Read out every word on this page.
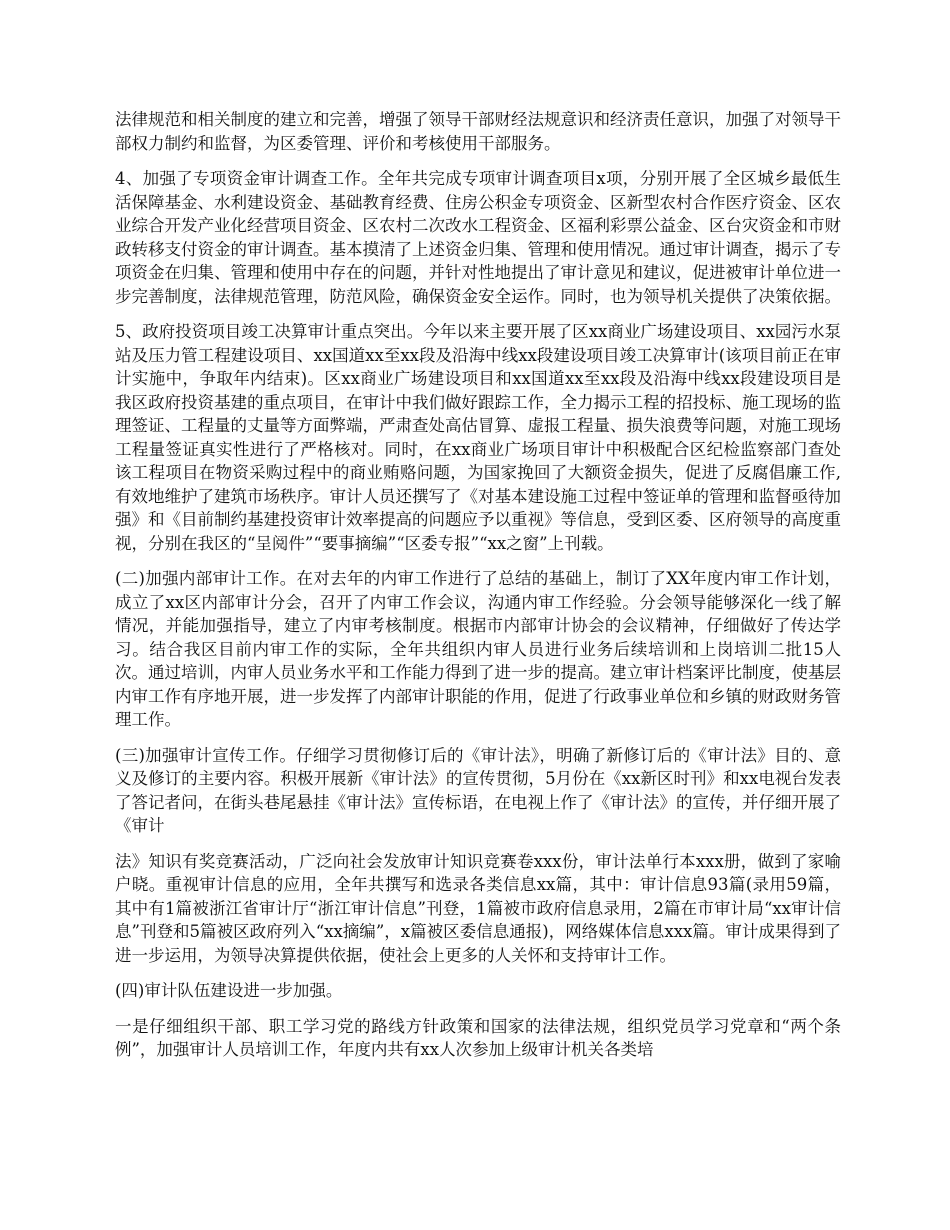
法律规范和相关制度的建立和完善，增强了领导干部财经法规意识和经济责任意识，加强了对领导干部权力制约和监督，为区委管理、评价和考核使用干部服务。

4、加强了专项资金审计调查工作。全年共完成专项审计调查项目x项，分别开展了全区城乡最低生活保障基金、水利建设资金、基础教育经费、住房公积金专项资金、区新型农村合作医疗资金、区农业综合开发产业化经营项目资金、区农村二次改水工程资金、区福利彩票公益金、区台灾资金和市财政转移支付资金的审计调查。基本摸清了上述资金归集、管理和使用情况。通过审计调查，揭示了专项资金在归集、管理和使用中存在的问题，并针对性地提出了审计意见和建议，促进被审计单位进一步完善制度，法律规范管理，防范风险，确保资金安全运作。同时，也为领导机关提供了决策依据。

5、政府投资项目竣工决算审计重点突出。今年以来主要开展了区xx商业广场建设项目、xx园污水泵站及压力管工程建设项目、xx国道xx至xx段及沿海中线xx段建设项目竣工决算审计(该项目前正在审计实施中，争取年内结束)。区xx商业广场建设项目和xx国道xx至xx段及沿海中线xx段建设项目是我区政府投资基建的重点项目，在审计中我们做好跟踪工作，全力揭示工程的招投标、施工现场的监理签证、工程量的丈量等方面弊端，严肃查处高估冒算、虚报工程量、损失浪费等问题，对施工现场工程量签证真实性进行了严格核对。同时，在xx商业广场项目审计中积极配合区纪检监察部门查处该工程项目在物资采购过程中的商业贿赂问题，为国家挽回了大额资金损失，促进了反腐倡廉工作,有效地维护了建筑市场秩序。审计人员还撰写了《对基本建设施工过程中签证单的管理和监督亟待加强》和《目前制约基建投资审计效率提高的问题应予以重视》等信息，受到区委、区府领导的高度重视，分别在我区的“呈阅件”“要事摘编”“区委专报”“xx之窗”上刊载。

(二)加强内部审计工作。在对去年的内审工作进行了总结的基础上，制订了XX年度内审工作计划，成立了xx区内部审计分会，召开了内审工作会议，沟通内审工作经验。分会领导能够深化一线了解情况，并能加强指导，建立了内审考核制度。根据市内部审计协会的会议精神，仔细做好了传达学习。结合我区目前内审工作的实际，全年共组织内审人员进行业务后续培训和上岗培训二批15人次。通过培训，内审人员业务水平和工作能力得到了进一步的提高。建立审计档案评比制度，使基层内审工作有序地开展，进一步发挥了内部审计职能的作用，促进了行政事业单位和乡镇的财政财务管理工作。

(三)加强审计宣传工作。仔细学习贯彻修订后的《审计法》，明确了新修订后的《审计法》目的、意义及修订的主要内容。积极开展新《审计法》的宣传贯彻，5月份在《xx新区时刊》和xx电视台发表了答记者问，在街头巷尾悬挂《审计法》宣传标语，在电视上作了《审计法》的宣传，并仔细开展了《审计

法》知识有奖竞赛活动，广泛向社会发放审计知识竞赛卷xxx份，审计法单行本xxx册，做到了家喻户晓。重视审计信息的应用，全年共撰写和选录各类信息xx篇，其中：审计信息93篇(录用59篇，其中有1篇被浙江省审计厅“浙江审计信息”刊登，1篇被市政府信息录用，2篇在市审计局“xx审计信息”刊登和5篇被区政府列入“xx摘编”，x篇被区委信息通报)，网络媒体信息xxx篇。审计成果得到了进一步运用，为领导决算提供依据，使社会上更多的人关怀和支持审计工作。

(四)审计队伍建设进一步加强。

一是仔细组织干部、职工学习党的路线方针政策和国家的法律法规，组织党员学习党章和“两个条例”，加强审计人员培训工作，年度内共有xx人次参加上级审计机关各类培
